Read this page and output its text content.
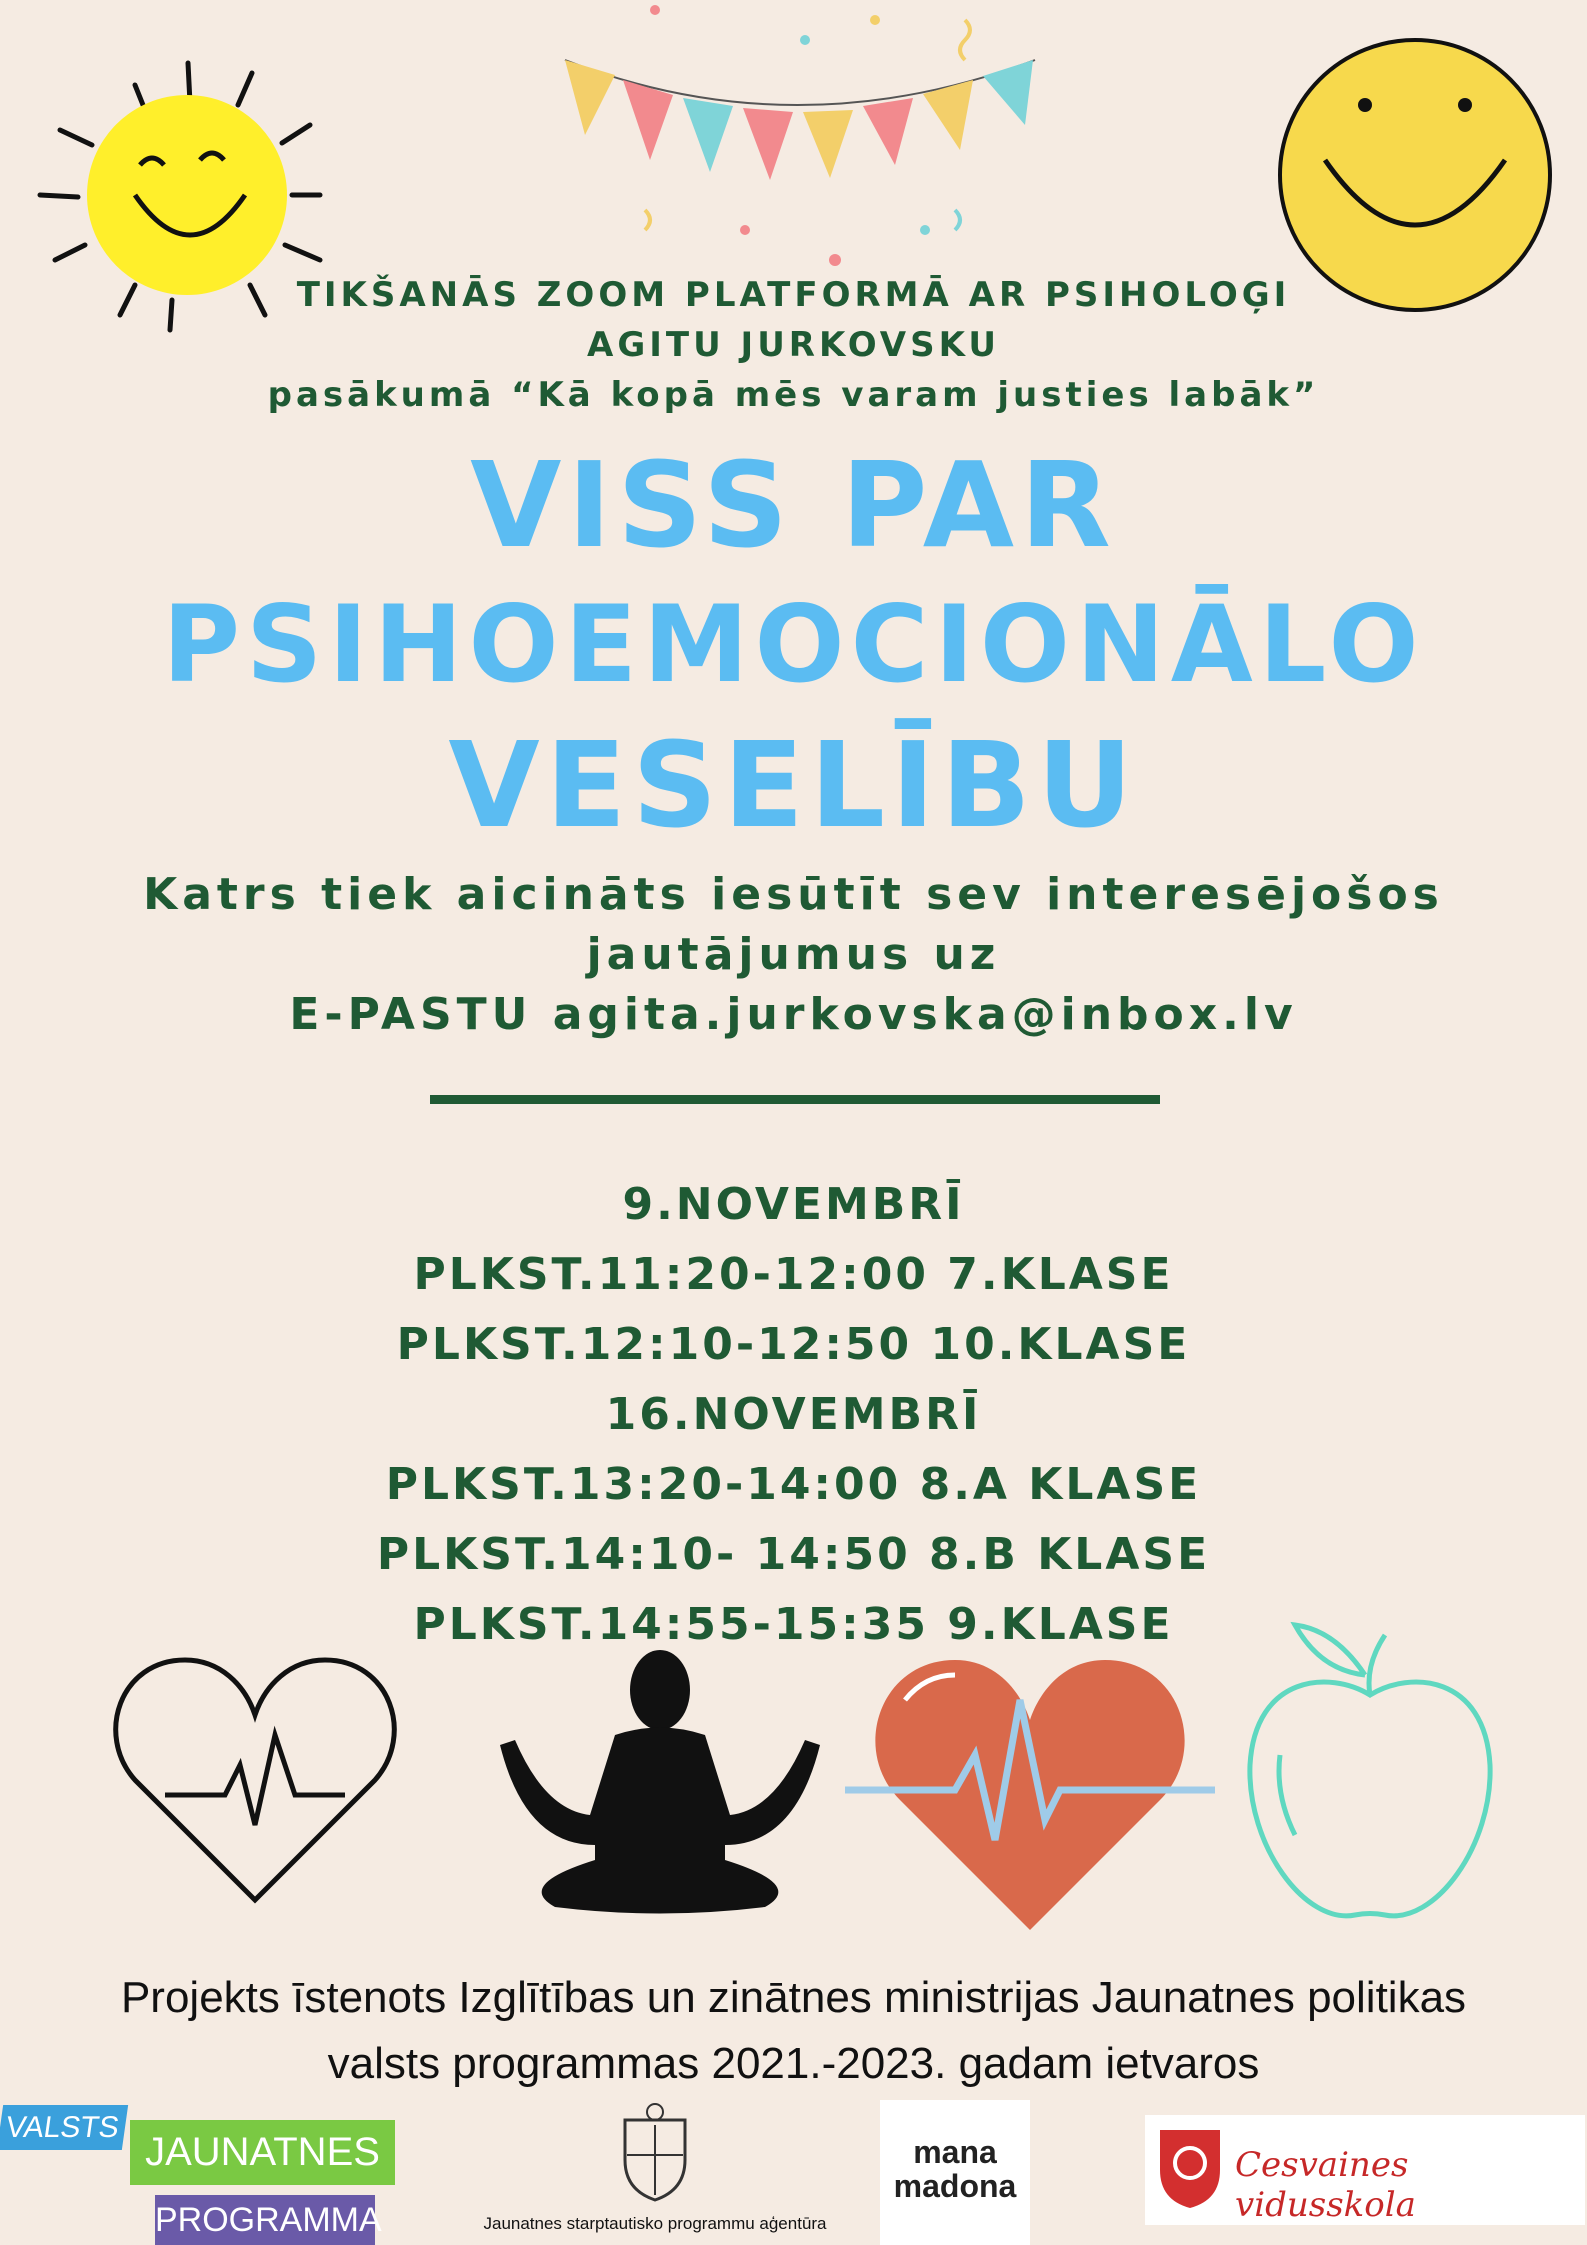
TIKŠANĀS ZOOM PLATFORMĀ AR PSIHOLOĢI
AGITU JURKOVSKU
pasākumā “Kā kopā mēs varam justies labāk”
VISS PAR
PSIHOEMOCIONĀLO
VESELĪBU
Katrs tiek aicināts iesūtīt sev interesējošos
jautājumus uz
E-PASTU agita.jurkovska@inbox.lv
9.NOVEMBRĪ
PLKST.11:20-12:00 7.KLASE
PLKST.12:10-12:50 10.KLASE
16.NOVEMBRĪ
PLKST.13:20-14:00 8.A KLASE
PLKST.14:10- 14:50 8.B KLASE
PLKST.14:55-15:35 9.KLASE
Projekts īstenots Izglītības un zinātnes ministrijas Jaunatnes politikas
valsts programmas 2021.-2023. gadam ietvaros
VALSTS
JAUNATNES
PROGRAMMA	Jaunatnes starptautisko programmu aģentūra
mana
madona
Cesvaines vidusskola
